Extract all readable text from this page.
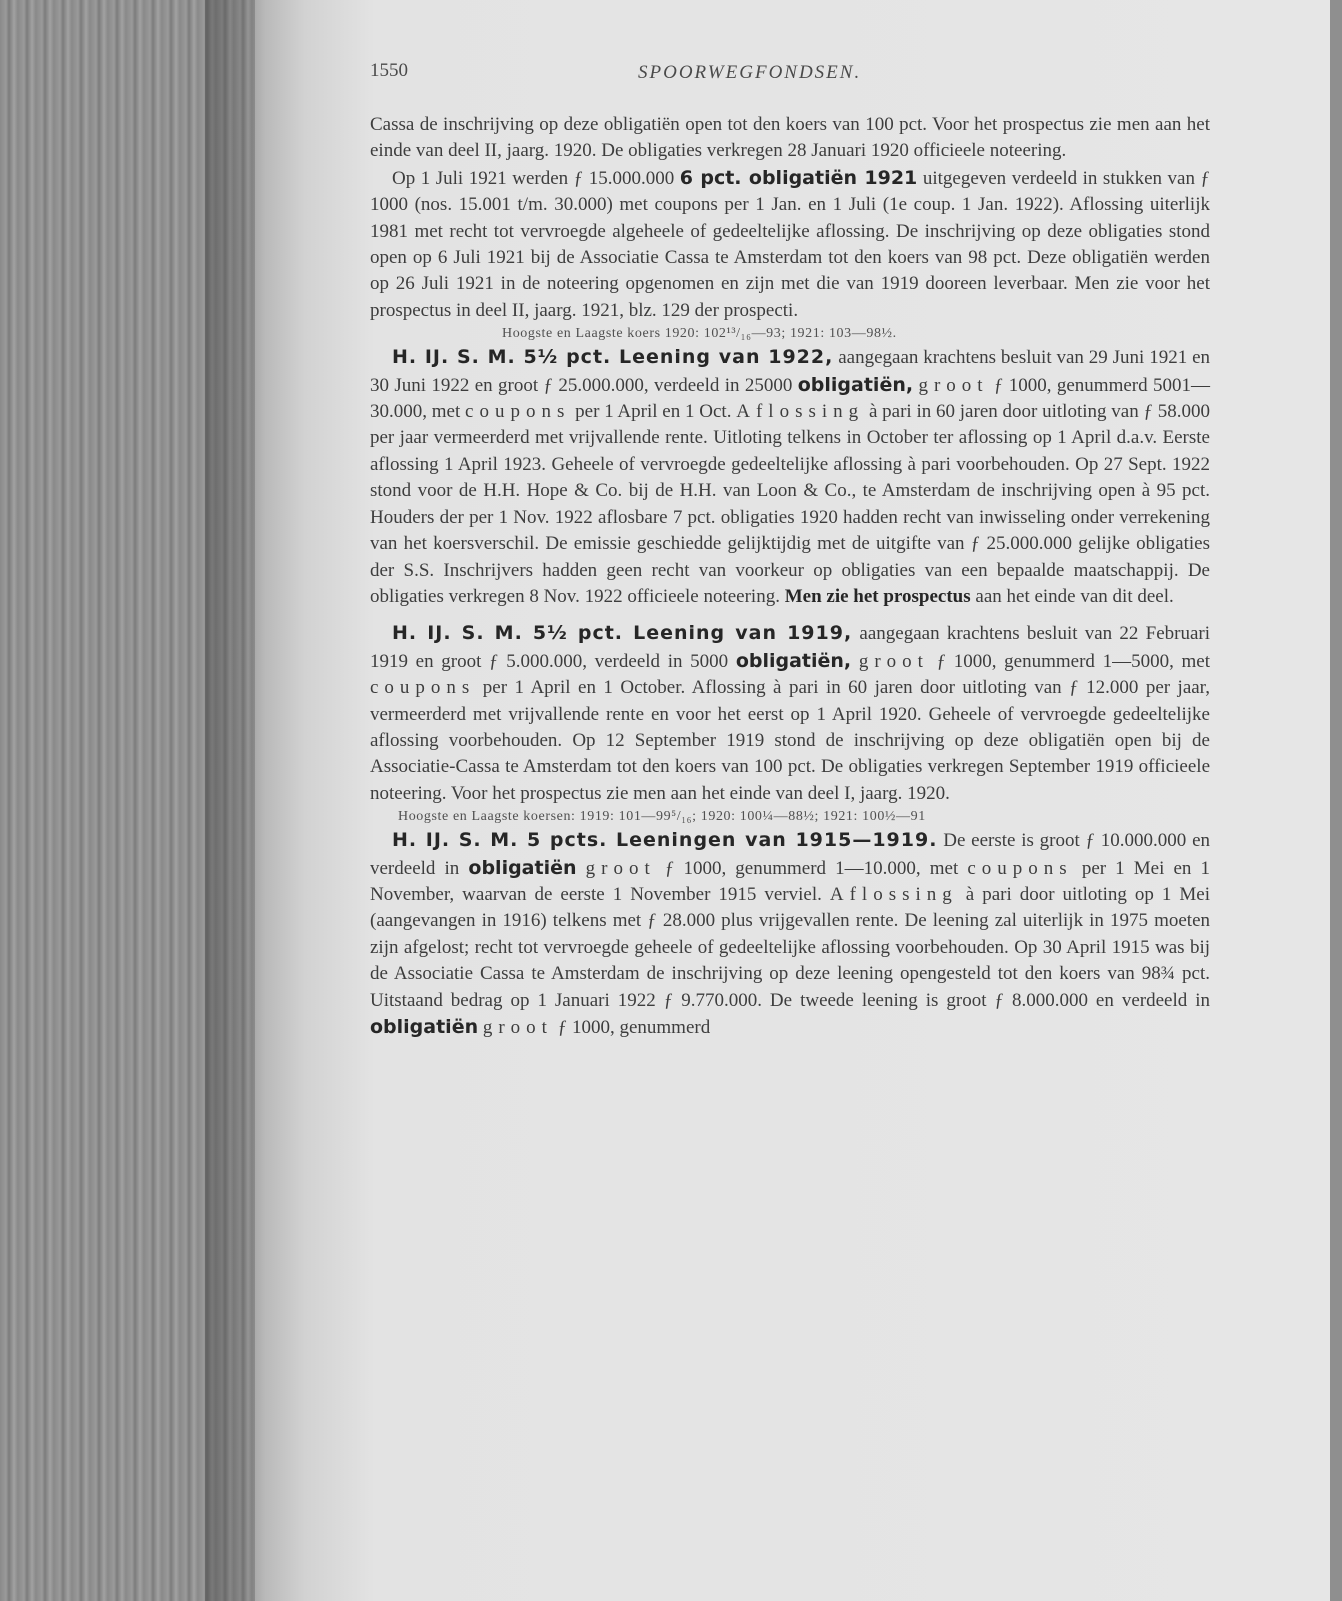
1550	SPOORWEGFONDSEN.

Cassa de inschrijving op deze obligatiën open tot den koers van 100 pct. Voor het prospectus zie men aan het einde van deel II, jaarg. 1920. De obligaties verkregen 28 Januari 1920 officieele noteering.

Op 1 Juli 1921 werden ƒ 15.000.000 6 pct. obligatiën 1921 uitgegeven verdeeld in stukken van ƒ 1000 (nos. 15.001 t/m. 30.000) met coupons per 1 Jan. en 1 Juli (1e coup. 1 Jan. 1922). Aflossing uiterlijk 1981 met recht tot vervroegde algeheele of gedeeltelijke aflossing. De inschrijving op deze obligaties stond open op 6 Juli 1921 bij de Associatie Cassa te Amsterdam tot den koers van 98 pct. Deze obligatiën werden op 26 Juli 1921 in de noteering opgenomen en zijn met die van 1919 dooreen leverbaar. Men zie voor het prospectus in deel II, jaarg. 1921, blz. 129 der prospecti.

Hoogste en Laagste koers 1920: 102¹³/₁₆—93; 1921: 103—98½.

H. IJ. S. M. 5½ pct. Leening van 1922, aangegaan krachtens besluit van 29 Juni 1921 en 30 Juni 1922 en groot ƒ 25.000.000, verdeeld in 25000 obligatiën, groot ƒ 1000, genummerd 5001—30.000, met coupons per 1 April en 1 Oct. Aflossing à pari in 60 jaren door uitloting van ƒ 58.000 per jaar vermeerderd met vrijvallende rente. Uitloting telkens in October ter aflossing op 1 April d.a.v. Eerste aflossing 1 April 1923. Geheele of vervroegde gedeeltelijke aflossing à pari voorbehouden. Op 27 Sept. 1922 stond voor de H.H. Hope & Co. bij de H.H. van Loon & Co., te Amsterdam de inschrijving open à 95 pct. Houders der per 1 Nov. 1922 aflosbare 7 pct. obligaties 1920 hadden recht van inwisseling onder verrekening van het koersverschil. De emissie geschiedde gelijktijdig met de uitgifte van ƒ 25.000.000 gelijke obligaties der S.S. Inschrijvers hadden geen recht van voorkeur op obligaties van een bepaalde maatschappij. De obligaties verkregen 8 Nov. 1922 officieele noteering. Men zie het prospectus aan het einde van dit deel.

H. IJ. S. M. 5½ pct. Leening van 1919, aangegaan krachtens besluit van 22 Februari 1919 en groot ƒ 5.000.000, verdeeld in 5000 obligatiën, groot ƒ 1000, genummerd 1—5000, met coupons per 1 April en 1 October. Aflossing à pari in 60 jaren door uitloting van ƒ 12.000 per jaar, vermeerderd met vrijvallende rente en voor het eerst op 1 April 1920. Geheele of vervroegde gedeeltelijke aflossing voorbehouden. Op 12 September 1919 stond de inschrijving op deze obligatiën open bij de Associatie-Cassa te Amsterdam tot den koers van 100 pct. De obligaties verkregen September 1919 officieele noteering. Voor het prospectus zie men aan het einde van deel I, jaarg. 1920.

Hoogste en Laagste koersen: 1919: 101—99⁵/₁₆; 1920: 100¼—88½; 1921: 100½—91

H. IJ. S. M. 5 pcts. Leeningen van 1915—1919. De eerste is groot ƒ 10.000.000 en verdeeld in obligatiën groot ƒ 1000, genummerd 1—10.000, met coupons per 1 Mei en 1 November, waarvan de eerste 1 November 1915 verviel. Aflossing à pari door uitloting op 1 Mei (aangevangen in 1916) telkens met ƒ 28.000 plus vrijgevallen rente. De leening zal uiterlijk in 1975 moeten zijn afgelost; recht tot vervroegde geheele of gedeeltelijke aflossing voorbehouden. Op 30 April 1915 was bij de Associatie Cassa te Amsterdam de inschrijving op deze leening opengesteld tot den koers van 98¾ pct. Uitstaand bedrag op 1 Januari 1922 ƒ 9.770.000. De tweede leening is groot ƒ 8.000.000 en verdeeld in obligatiën groot ƒ 1000, genummerd
